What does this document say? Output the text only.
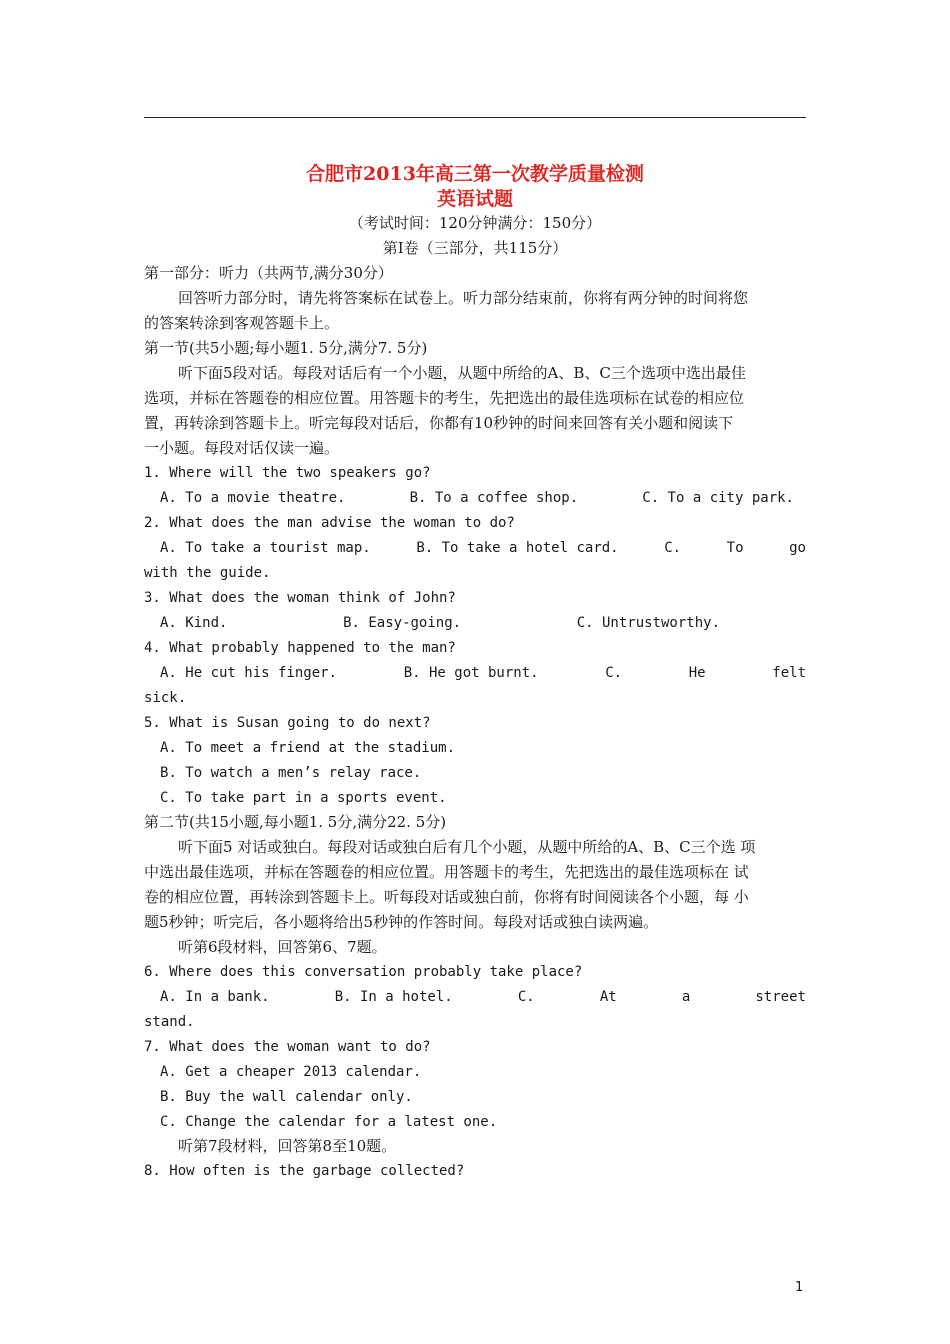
合肥市2013年高三第一次教学质量检测
英语试题
（考试时间：120分钟满分：150分）
第Ⅰ卷（三部分，共115分）
第一部分：听力（共两节,满分30分）
回答听力部分时，请先将答案标在试卷上。听力部分结束前，你将有两分钟的时间将您
的答案转涂到客观答题卡上。
第一节(共5小题;每小题1. 5分,满分7. 5分)
听下面5段对话。每段对话后有一个小题，从题中所给的A、B、C三个选项中选出最佳
选项，并标在答题卷的相应位置。用答题卡的考生，先把选出的最佳选项标在试卷的相应位
置，再转涂到答题卡上。听完每段对话后，你都有10秒钟的时间来回答有关小题和阅读下
一小题。每段对话仅读一遍。
1. Where will the two speakers go?
A. To a movie theatre.	B. To a coffee shop.	C. To a city park.
2. What does the man advise the woman to do?
A. To take a tourist map.	B. To take a hotel card.	C.	To	go
with the guide.
3. What does the woman think of John?
A. Kind.	B. Easy-going.	C. Untrustworthy.
4. What probably happened to the man?
A. He cut his finger.	B. He got burnt.	C.	He	felt
sick.
5. What is Susan going to do next?
A. To meet a friend at the stadium.
B. To watch a men’s relay race.
C. To take part in a sports event.
第二节(共15小题,每小题1. 5分,满分22. 5分)
听下面5 对话或独白。每段对话或独白后有几个小题，从题中所给的A、B、C三个选 项
中选出最佳选项，并标在答题卷的相应位置。用答题卡的考生，先把选出的最佳选项标在 试
卷的相应位置，再转涂到答题卡上。听每段对话或独白前，你将有时间阅读各个小题，每 小
题5秒钟；听完后，各小题将给出5秒钟的作答时间。每段对话或独白读两遍。
听第6段材料，回答第6、7题。
6. Where does this conversation probably take place?
A. In a bank.	B. In a hotel.	C.	At	a	street
stand.
7. What does the woman want to do?
A. Get a cheaper 2013 calendar.
B. Buy the wall calendar only.
C. Change the calendar for a latest one.
听第7段材料，回答第8至10题。
8. How often is the garbage collected?
1
